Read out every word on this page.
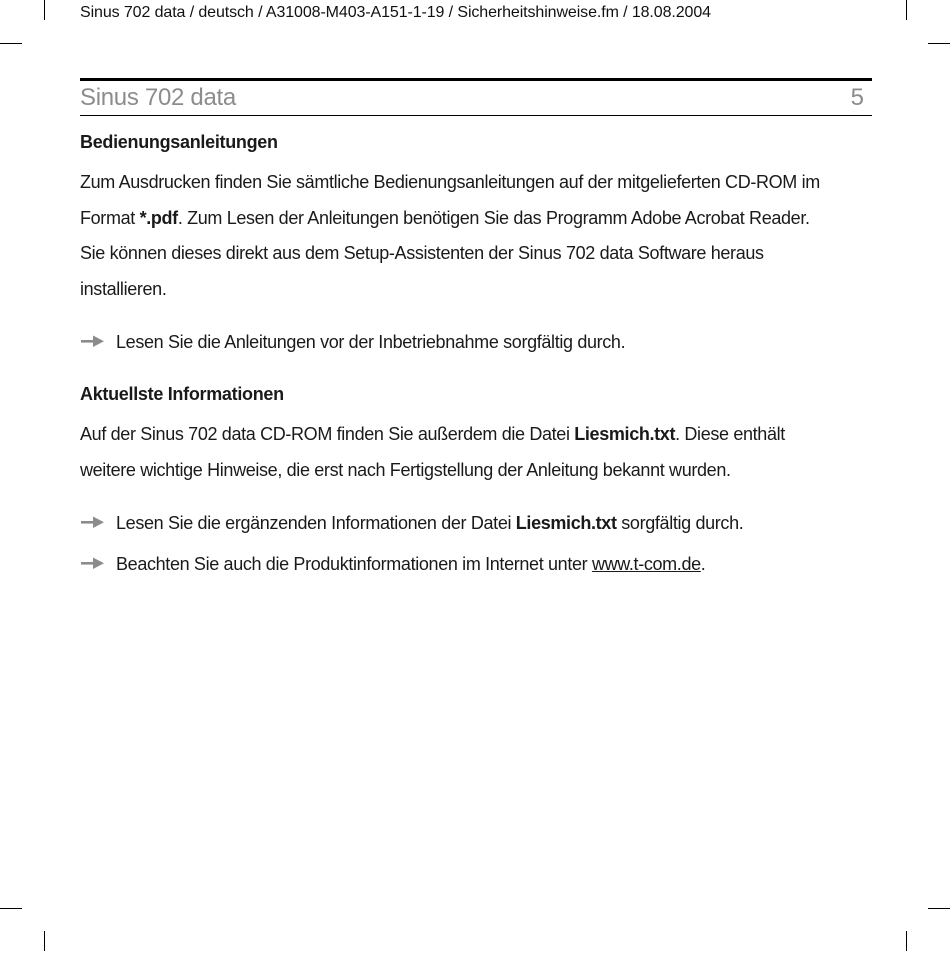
Sinus 702 data / deutsch / A31008-M403-A151-1-19 / Sicherheitshinweise.fm / 18.08.2004
Sinus 702 data	5
Bedienungsanleitungen

Zum Ausdrucken finden Sie sämtliche Bedienungsanleitungen auf der mitgelieferten CD-ROM im
Format *.pdf. Zum Lesen der Anleitungen benötigen Sie das Programm Adobe Acrobat Reader.
Sie können dieses direkt aus dem Setup-Assistenten der Sinus 702 data Software heraus
installieren.

Lesen Sie die Anleitungen vor der Inbetriebnahme sorgfältig durch.
Aktuellste Informationen

Auf der Sinus 702 data CD-ROM finden Sie außerdem die Datei Liesmich.txt. Diese enthält
weitere wichtige Hinweise, die erst nach Fertigstellung der Anleitung bekannt wurden.

Lesen Sie die ergänzenden Informationen der Datei Liesmich.txt sorgfältig durch.
Beachten Sie auch die Produktinformationen im Internet unter www.t-com.de.
